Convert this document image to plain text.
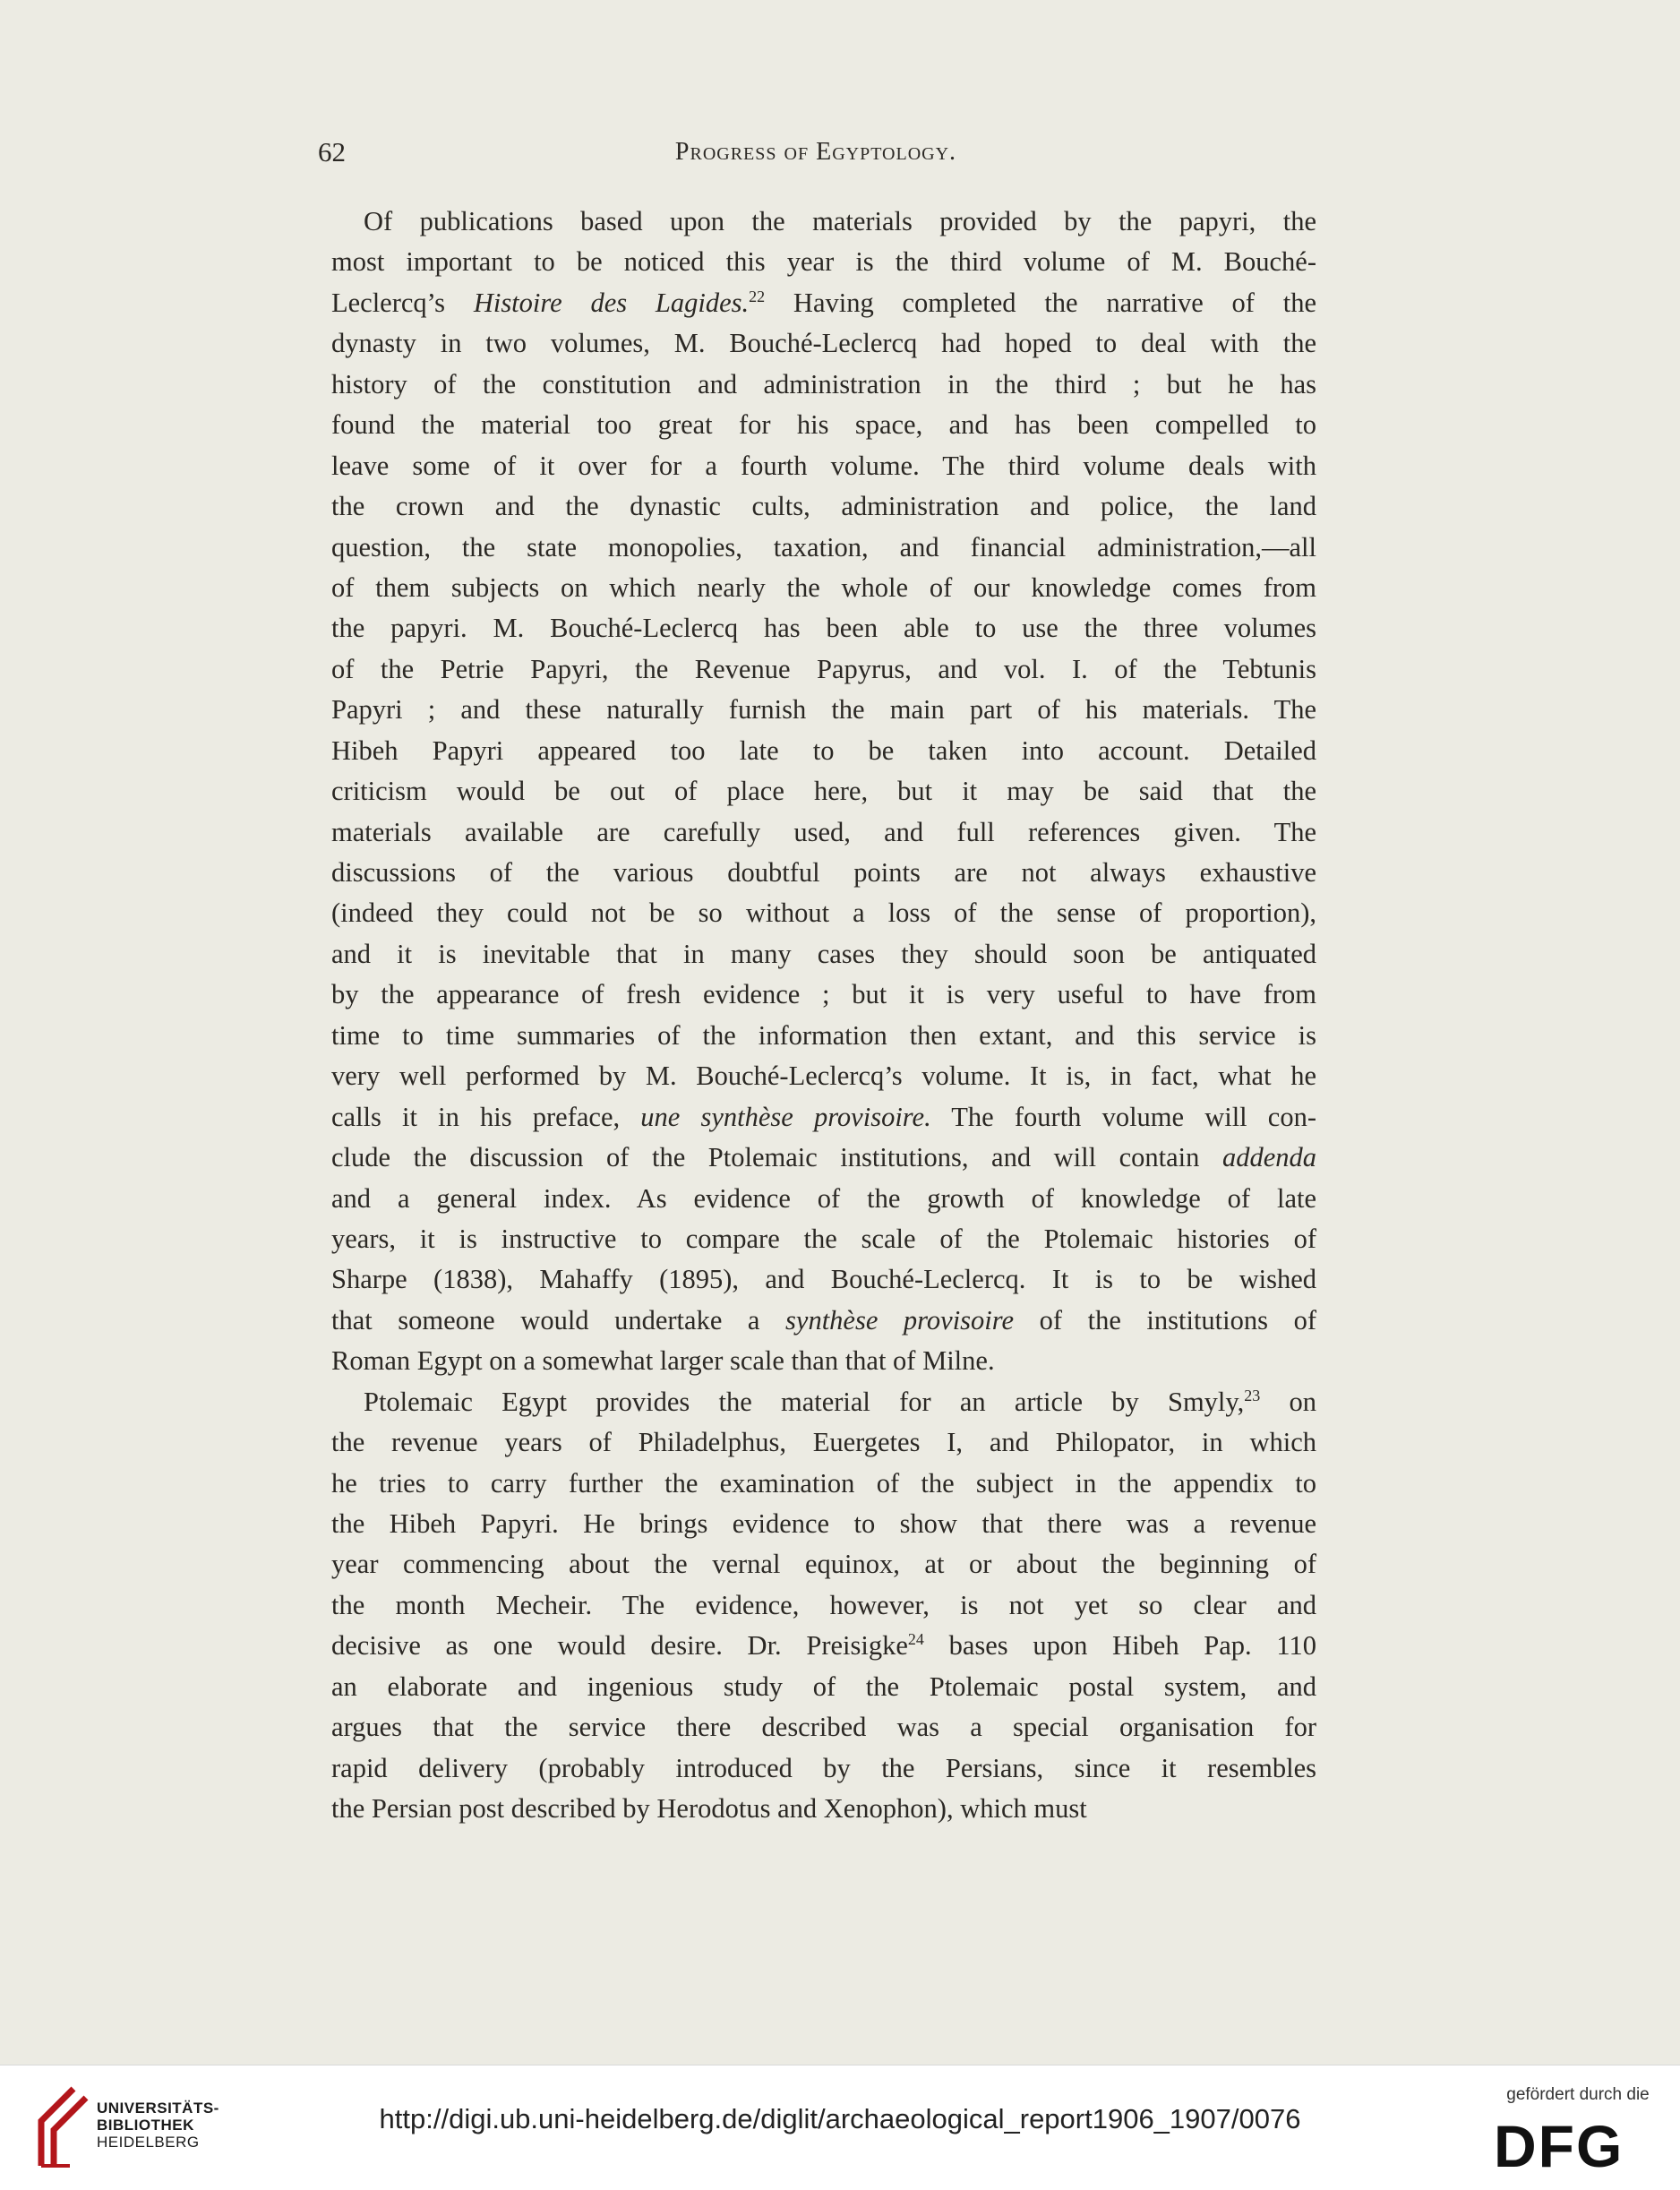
62	Progress of Egyptology.
Of publications based upon the materials provided by the papyri, the
most important to be noticed this year is the third volume of M. Bouché-
Leclercq’s Histoire des Lagides.$^{22}$ Having completed the narrative of the
dynasty in two volumes, M. Bouché-Leclercq had hoped to deal with the
history of the constitution and administration in the third ; but he has
found the material too great for his space, and has been compelled to
leave some of it over for a fourth volume. The third volume deals with
the crown and the dynastic cults, administration and police, the land
question, the state monopolies, taxation, and financial administration,—all
of them subjects on which nearly the whole of our knowledge comes from
the papyri. M. Bouché-Leclercq has been able to use the three volumes
of the Petrie Papyri, the Revenue Papyrus, and vol. I. of the Tebtunis
Papyri ; and these naturally furnish the main part of his materials. The
Hibeh Papyri appeared too late to be taken into account. Detailed
criticism would be out of place here, but it may be said that the
materials available are carefully used, and full references given. The
discussions of the various doubtful points are not always exhaustive
(indeed they could not be so without a loss of the sense of proportion),
and it is inevitable that in many cases they should soon be antiquated
by the appearance of fresh evidence ; but it is very useful to have from
time to time summaries of the information then extant, and this service is
very well performed by M. Bouché-Leclercq’s volume. It is, in fact, what he
calls it in his preface, une synthèse provisoire. The fourth volume will con-
clude the discussion of the Ptolemaic institutions, and will contain addenda
and a general index. As evidence of the growth of knowledge of late
years, it is instructive to compare the scale of the Ptolemaic histories of
Sharpe (1838), Mahaffy (1895), and Bouché-Leclercq. It is to be wished
that someone would undertake a synthèse provisoire of the institutions of
Roman Egypt on a somewhat larger scale than that of Milne.
Ptolemaic Egypt provides the material for an article by Smyly,$^{23}$ on
the revenue years of Philadelphus, Euergetes I, and Philopator, in which
he tries to carry further the examination of the subject in the appendix to
the Hibeh Papyri. He brings evidence to show that there was a revenue
year commencing about the vernal equinox, at or about the beginning of
the month Mecheir. The evidence, however, is not yet so clear and
decisive as one would desire. Dr. Preisigke$^{24}$ bases upon Hibeh Pap. 110
an elaborate and ingenious study of the Ptolemaic postal system, and
argues that the service there described was a special organisation for
rapid delivery (probably introduced by the Persians, since it resembles
the Persian post described by Herodotus and Xenophon), which must
UNIVERSITÄTS-
BIBLIOTHEK
HEIDELBERG
http://digi.ub.uni-heidelberg.de/diglit/archaeological_report1906_1907/0076
gefördert durch die
DFG
